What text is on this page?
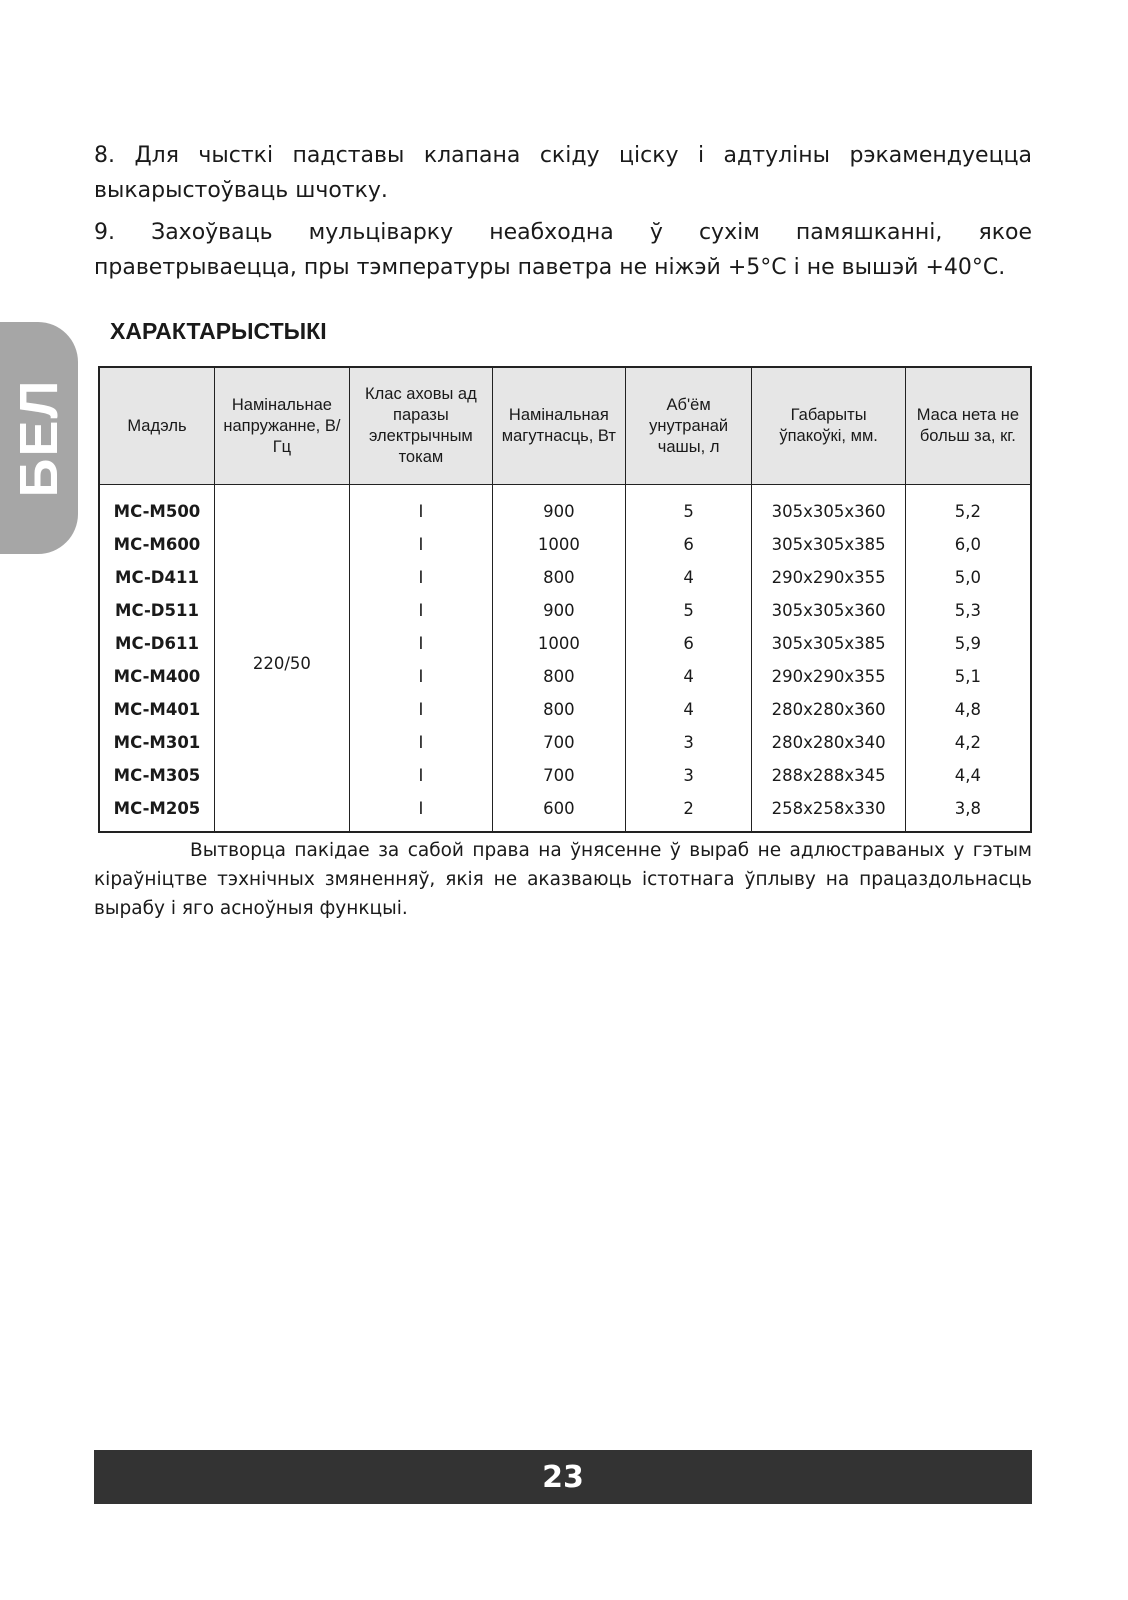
БЕЛ

8. Для чысткі падставы клапана скіду ціску і адтуліны рэкамендуецца выкарыстоўваць шчотку.

9. Захоўваць мульціварку неабходна ў сухім памяшканні, якое праветрываецца, пры тэмпературы паветра не ніжэй +5°C і не вышэй +40°C.

ХАРАКТАРЫСТЫКІ
Мадэль	Намінальнае напружанне, В/Гц	Клас аховы ад паразы электрычным токам	Намінальная магутнасць, Вт	Аб'ём унутранай чашы, л	Габарыты ўпакоўкі, мм.	Маса нета не больш за, кг.
MC-M500	220/50	I	900	5	305x305x360	5,2
MC-M600		I	1000	6	305x305x385	6,0
MC-D411		I	800	4	290x290x355	5,0
MC-D511		I	900	5	305x305x360	5,3
MC-D611		I	1000	6	305x305x385	5,9
MC-M400		I	800	4	290x290x355	5,1
MC-M401		I	800	4	280x280x360	4,8
MC-M301		I	700	3	280x280x340	4,2
MC-M305		I	700	3	288x288x345	4,4
MC-M205		I	600	2	258x258x330	3,8

Вытворца пакідае за сабой права на ўнясенне ў выраб не адлюстраваных у гэтым кіраўніцтве тэхнічных змяненняў, якія не аказваюць істотнага ўплыву на працаздольнасць вырабу і яго асноўныя функцыі.

23
